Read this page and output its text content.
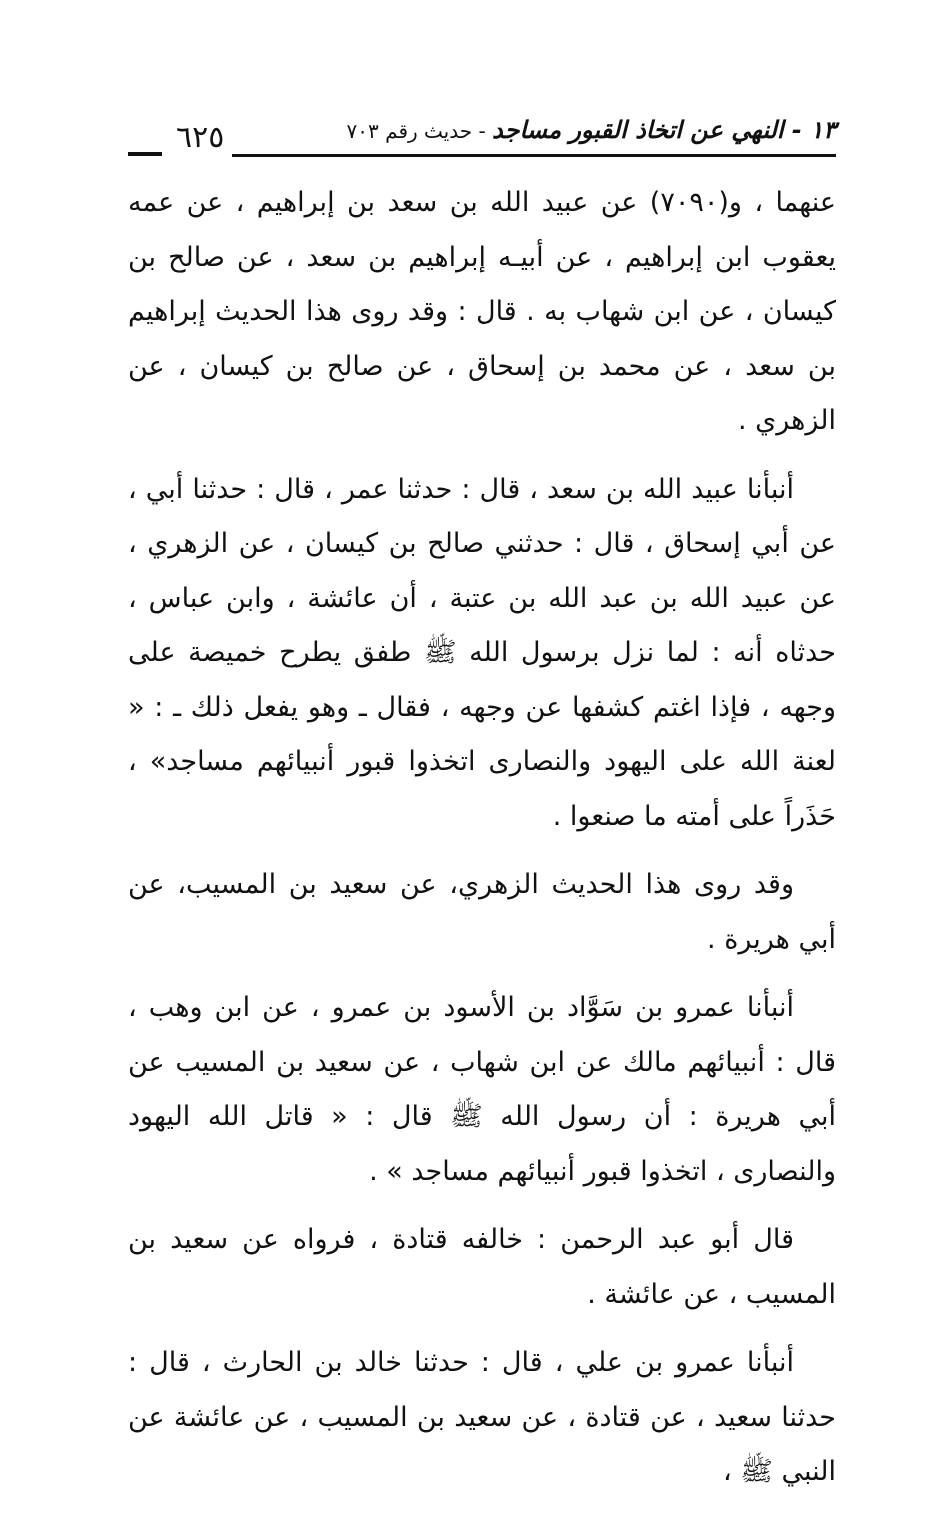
٦٢٥	١٣ - النهي عن اتخاذ القبور مساجد - حديث رقم ٧٠٣

عنهما ، و(٧٠٩٠) عن عبيد الله بن سعد بن إبراهيم ، عن عمه يعقوب ابن إبراهيم ، عن أبيـه إبراهيم بن سعد ، عن صالح بن كيسان ، عن ابن شهاب به . قال : وقد روى هذا الحديث إبراهيم بن سعد ، عن محمد بن إسحاق ، عن صالح بن كيسان ، عن الزهري .

أنبأنا عبيد الله بن سعد ، قال : حدثنا عمر ، قال : حدثنا أبي ، عن أبي إسحاق ، قال : حدثني صالح بن كيسان ، عن الزهري ، عن عبيد الله بن عبد الله بن عتبة ، أن عائشة ، وابن عباس ، حدثاه أنه : لما نزل برسول الله ﷺ طفق يطرح خميصة على وجهه ، فإذا اغتم كشفها عن وجهه ، فقال ـ وهو يفعل ذلك ـ : « لعنة الله على اليهود والنصارى اتخذوا قبور أنبيائهم مساجد» ، حَذَراً على أمته ما صنعوا .

وقد روى هذا الحديث الزهري، عن سعيد بن المسيب، عن أبي هريرة .

أنبأنا عمرو بن سَوَّاد بن الأسود بن عمرو ، عن ابن وهب ، قال : أنبيائهم مالك عن ابن شهاب ، عن سعيد بن المسيب عن أبي هريرة : أن رسول الله ﷺ قال : « قاتل الله اليهود والنصارى ، اتخذوا قبور أنبيائهم مساجد » .

قال أبو عبد الرحمن : خالفه قتادة ، فرواه عن سعيد بن المسيب ، عن عائشة .

أنبأنا عمرو بن علي ، قال : حدثنا خالد بن الحارث ، قال : حدثنا سعيد ، عن قتادة ، عن سعيد بن المسيب ، عن عائشة عن النبي ﷺ ،
